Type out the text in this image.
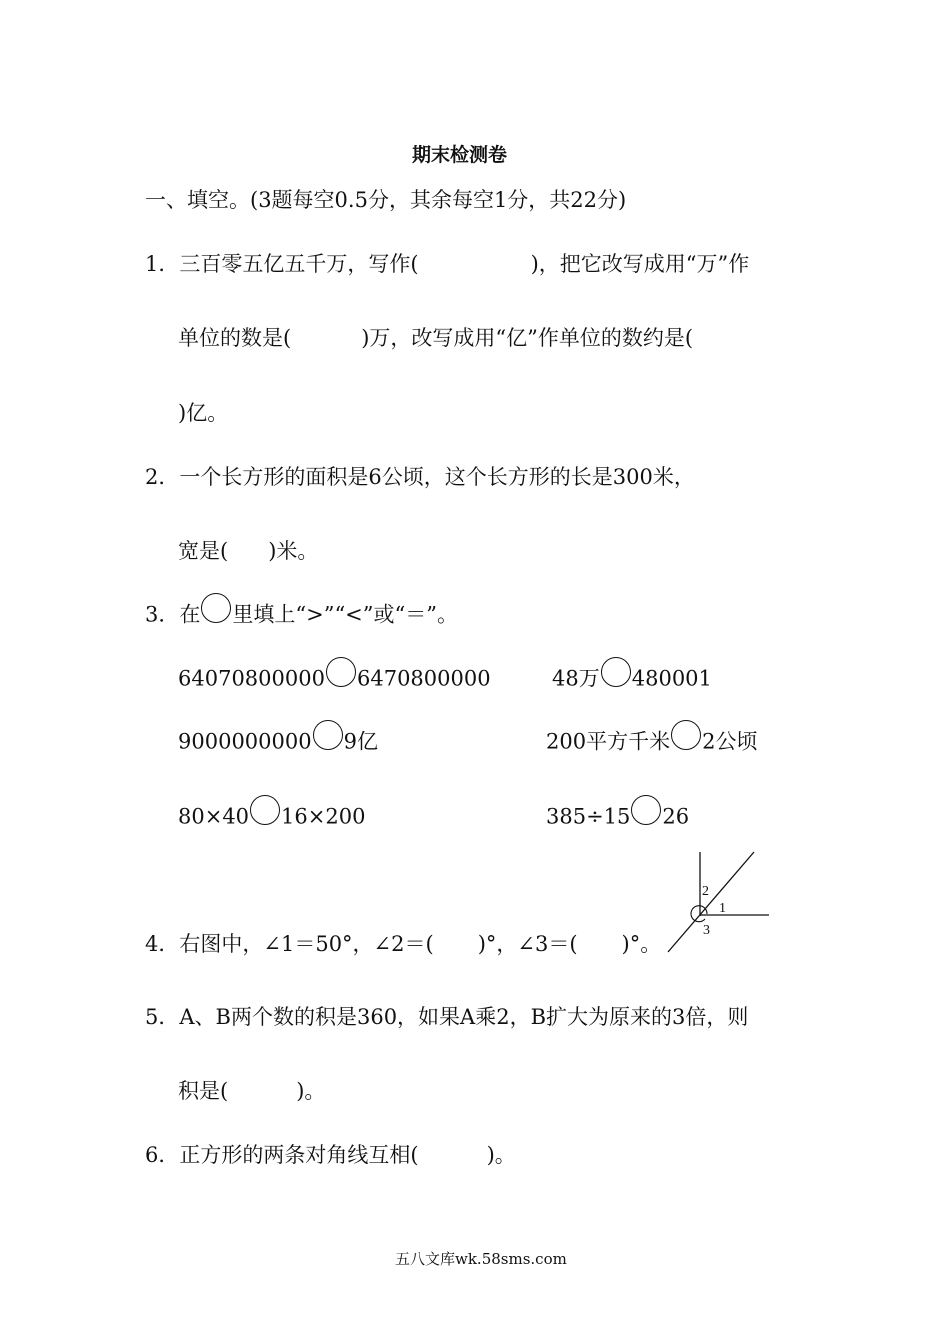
期末检测卷
一、填空。(3题每空0.5分，其余每空1分，共22分)
1．三百零五亿五千万，写作(	)，把它改写成用“万”作
单位的数是(	)万，改写成用“亿”作单位的数约是(
)亿。
2．一个长方形的面积是6公顷，这个长方形的长是300米，
宽是( )米。
3．在 里填上“>”“<”或“＝”。
64070800000 6470800000	48万 480001
9000000000 9亿	200平方千米 2公顷
80×40 16×200	385÷15 26
2
1
3
4．右图中，∠1＝50°，∠2＝( )°，∠3＝( )°。
5．A、B两个数的积是360，如果A乘2，B扩大为原来的3倍，则
积是(	)。
6．正方形的两条对角线互相(	)。
五八文库wk.58sms.com
